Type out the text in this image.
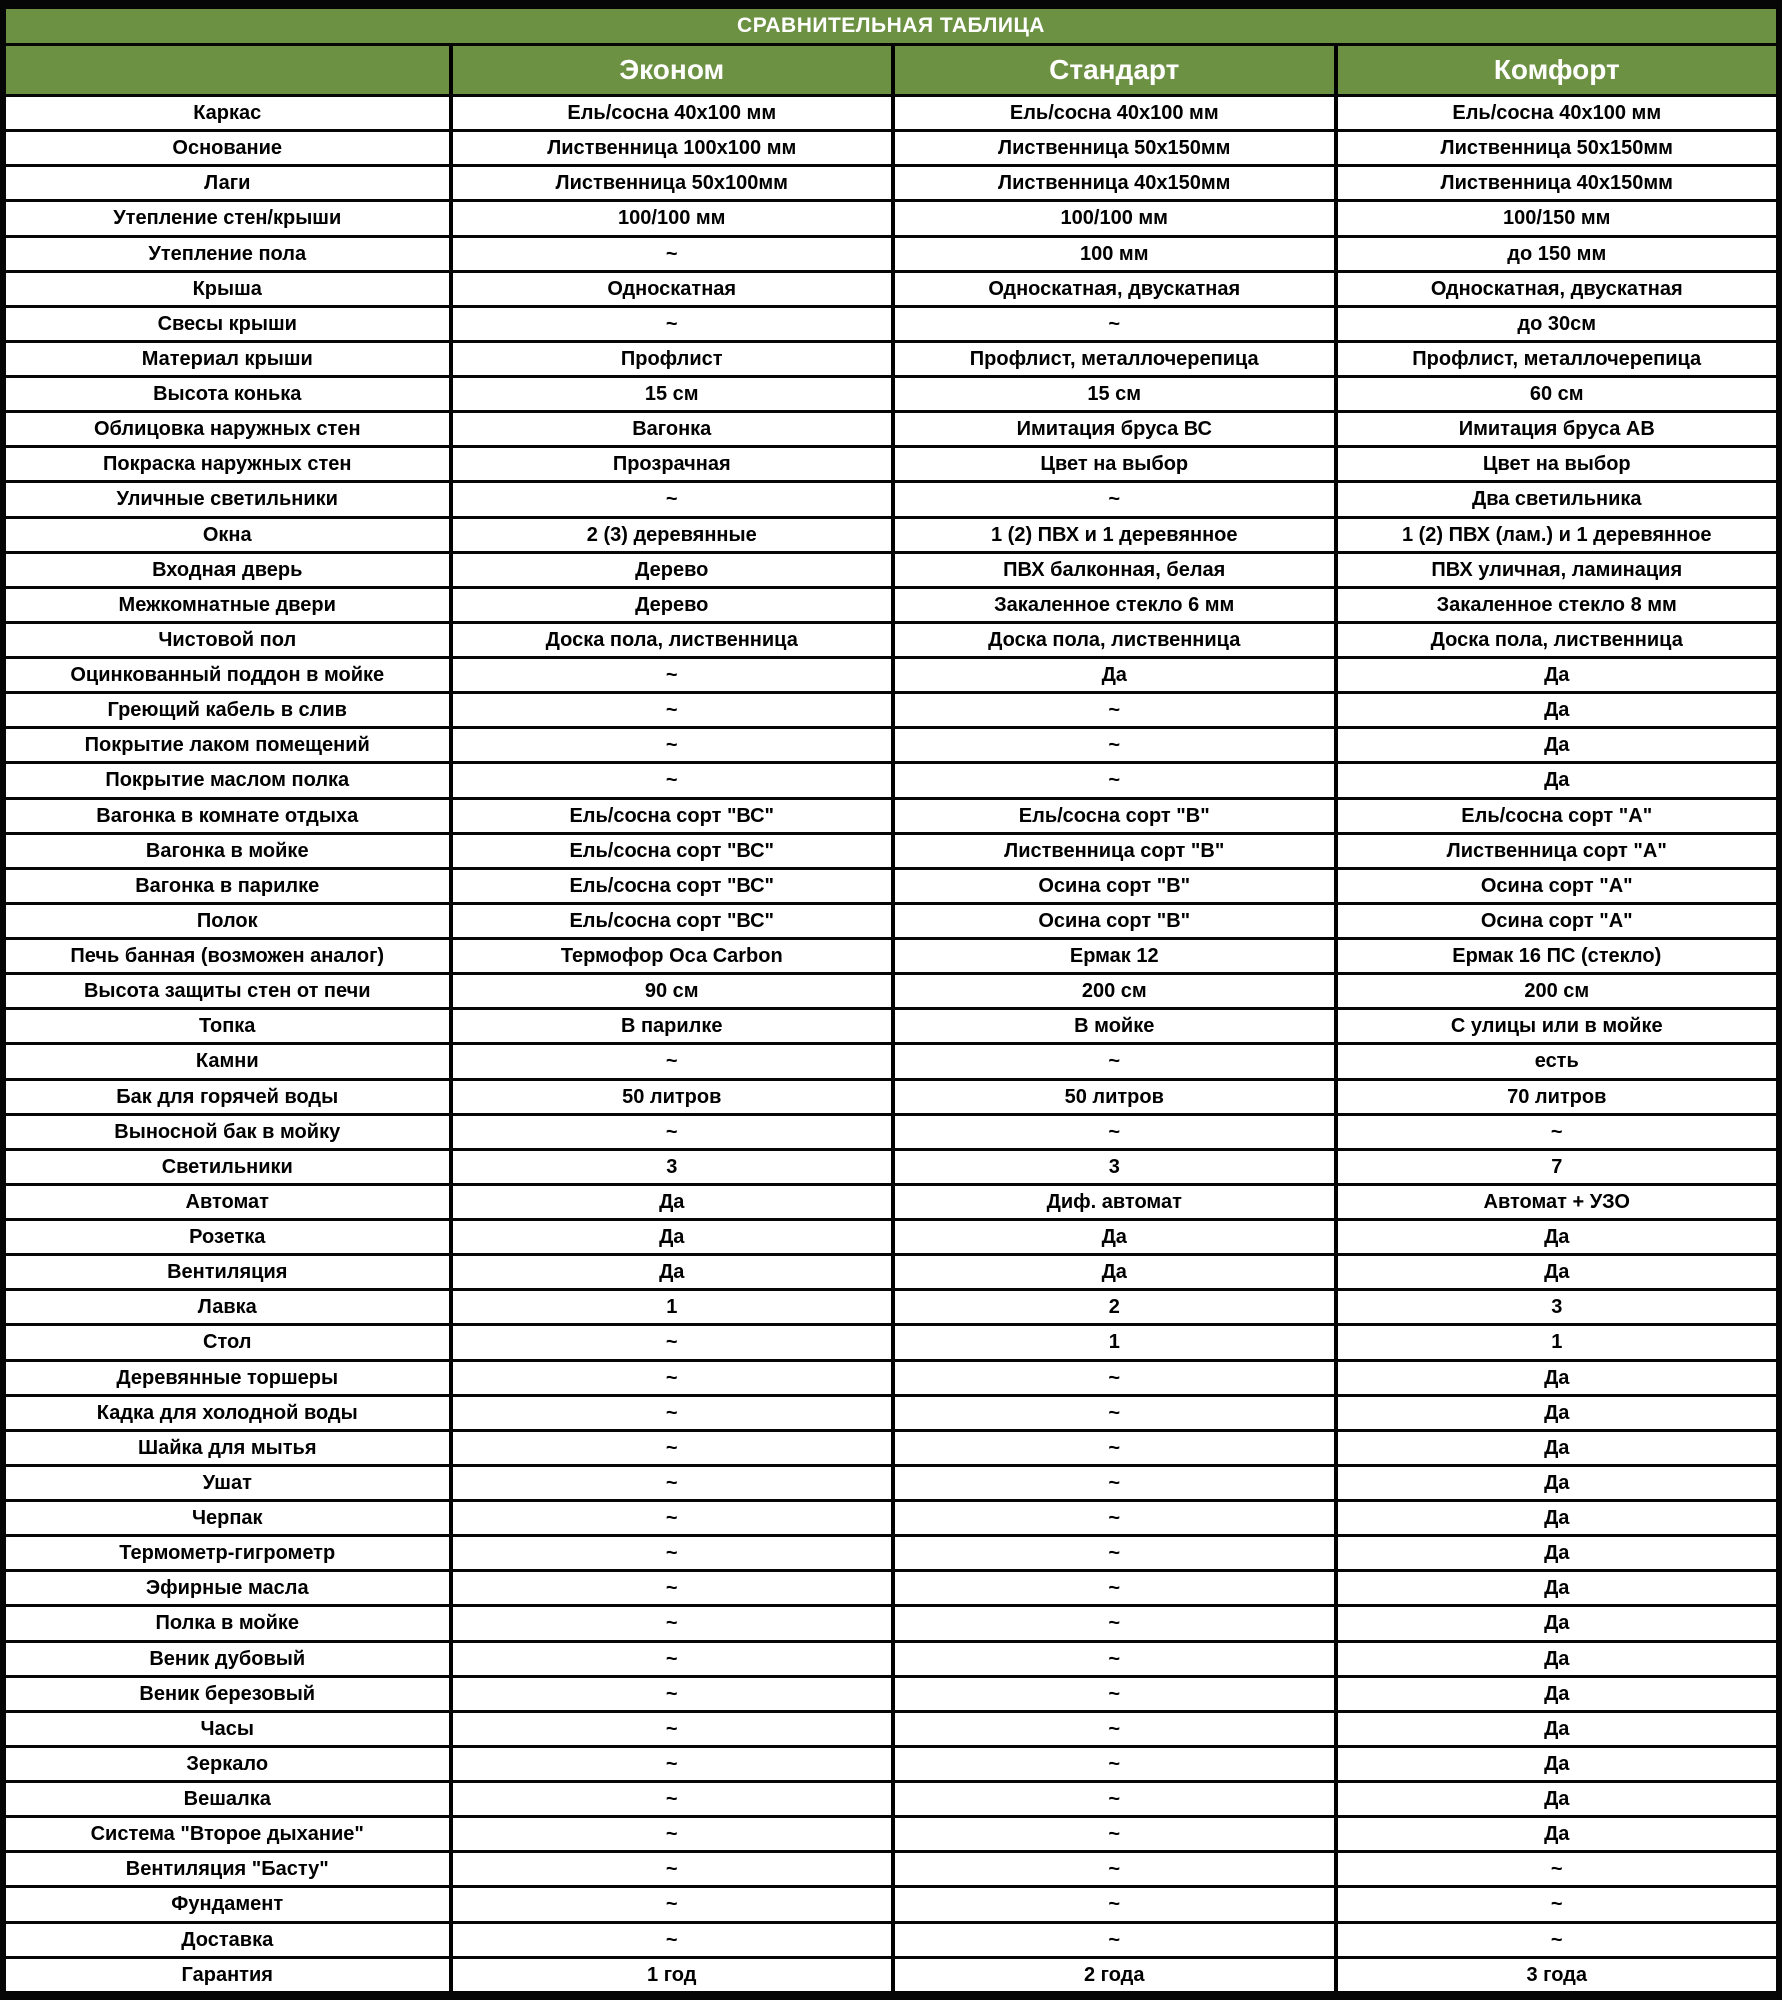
СРАВНИТЕЛЬНАЯ ТАБЛИЦА			
	Эконом	Стандарт	Комфорт
Каркас	Ель/сосна 40х100 мм	Ель/сосна 40х100 мм	Ель/сосна 40х100 мм
Основание	Лиственница 100х100 мм	Лиственница 50х150мм	Лиственница 50х150мм
Лаги	Лиственница 50х100мм	Лиственница 40х150мм	Лиственница 40х150мм
Утепление стен/крыши	100/100 мм	100/100 мм	100/150 мм
Утепление пола	~	100 мм	до 150 мм
Крыша	Односкатная	Односкатная, двускатная	Односкатная, двускатная
Свесы крыши	~	~	до 30см
Материал крыши	Профлист	Профлист, металлочерепица	Профлист, металлочерепица
Высота конька	15 см	15 см	60 см
Облицовка наружных стен	Вагонка	Имитация бруса ВС	Имитация бруса АВ
Покраска наружных стен	Прозрачная	Цвет на выбор	Цвет на выбор
Уличные светильники	~	~	Два светильника
Окна	2 (3) деревянные	1 (2) ПВХ и 1 деревянное	1 (2) ПВХ (лам.) и 1 деревянное
Входная дверь	Дерево	ПВХ балконная, белая	ПВХ уличная, ламинация
Межкомнатные двери	Дерево	Закаленное стекло 6 мм	Закаленное стекло 8 мм
Чистовой пол	Доска пола, лиственница	Доска пола, лиственница	Доска пола, лиственница
Оцинкованный поддон в мойке	~	Да	Да
Греющий кабель в слив	~	~	Да
Покрытие лаком помещений	~	~	Да
Покрытие маслом полка	~	~	Да
Вагонка в комнате отдыха	Ель/сосна сорт "ВС"	Ель/сосна сорт "В"	Ель/сосна сорт "А"
Вагонка в мойке	Ель/сосна сорт "ВС"	Лиственница сорт "В"	Лиственница сорт "А"
Вагонка в парилке	Ель/сосна сорт "ВС"	Осина сорт "В"	Осина сорт "А"
Полок	Ель/сосна сорт "ВС"	Осина сорт "В"	Осина сорт "А"
Печь банная (возможен аналог)	Термофор Оса Carbon	Ермак 12	Ермак 16 ПС (стекло)
Высота защиты стен от печи	90 см	200 см	200 см
Топка	В парилке	В мойке	С улицы или в мойке
Камни	~	~	есть
Бак для горячей воды	50 литров	50 литров	70 литров
Выносной бак в мойку	~	~	~
Светильники	3	3	7
Автомат	Да	Диф. автомат	Автомат + УЗО
Розетка	Да	Да	Да
Вентиляция	Да	Да	Да
Лавка	1	2	3
Стол	~	1	1
Деревянные торшеры	~	~	Да
Кадка для холодной воды	~	~	Да
Шайка для мытья	~	~	Да
Ушат	~	~	Да
Черпак	~	~	Да
Термометр-гигрометр	~	~	Да
Эфирные масла	~	~	Да
Полка в мойке	~	~	Да
Веник дубовый	~	~	Да
Веник березовый	~	~	Да
Часы	~	~	Да
Зеркало	~	~	Да
Вешалка	~	~	Да
Система "Второе дыхание"	~	~	Да
Вентиляция "Басту"	~	~	~
Фундамент	~	~	~
Доставка	~	~	~
Гарантия	1 год	2 года	3 года
